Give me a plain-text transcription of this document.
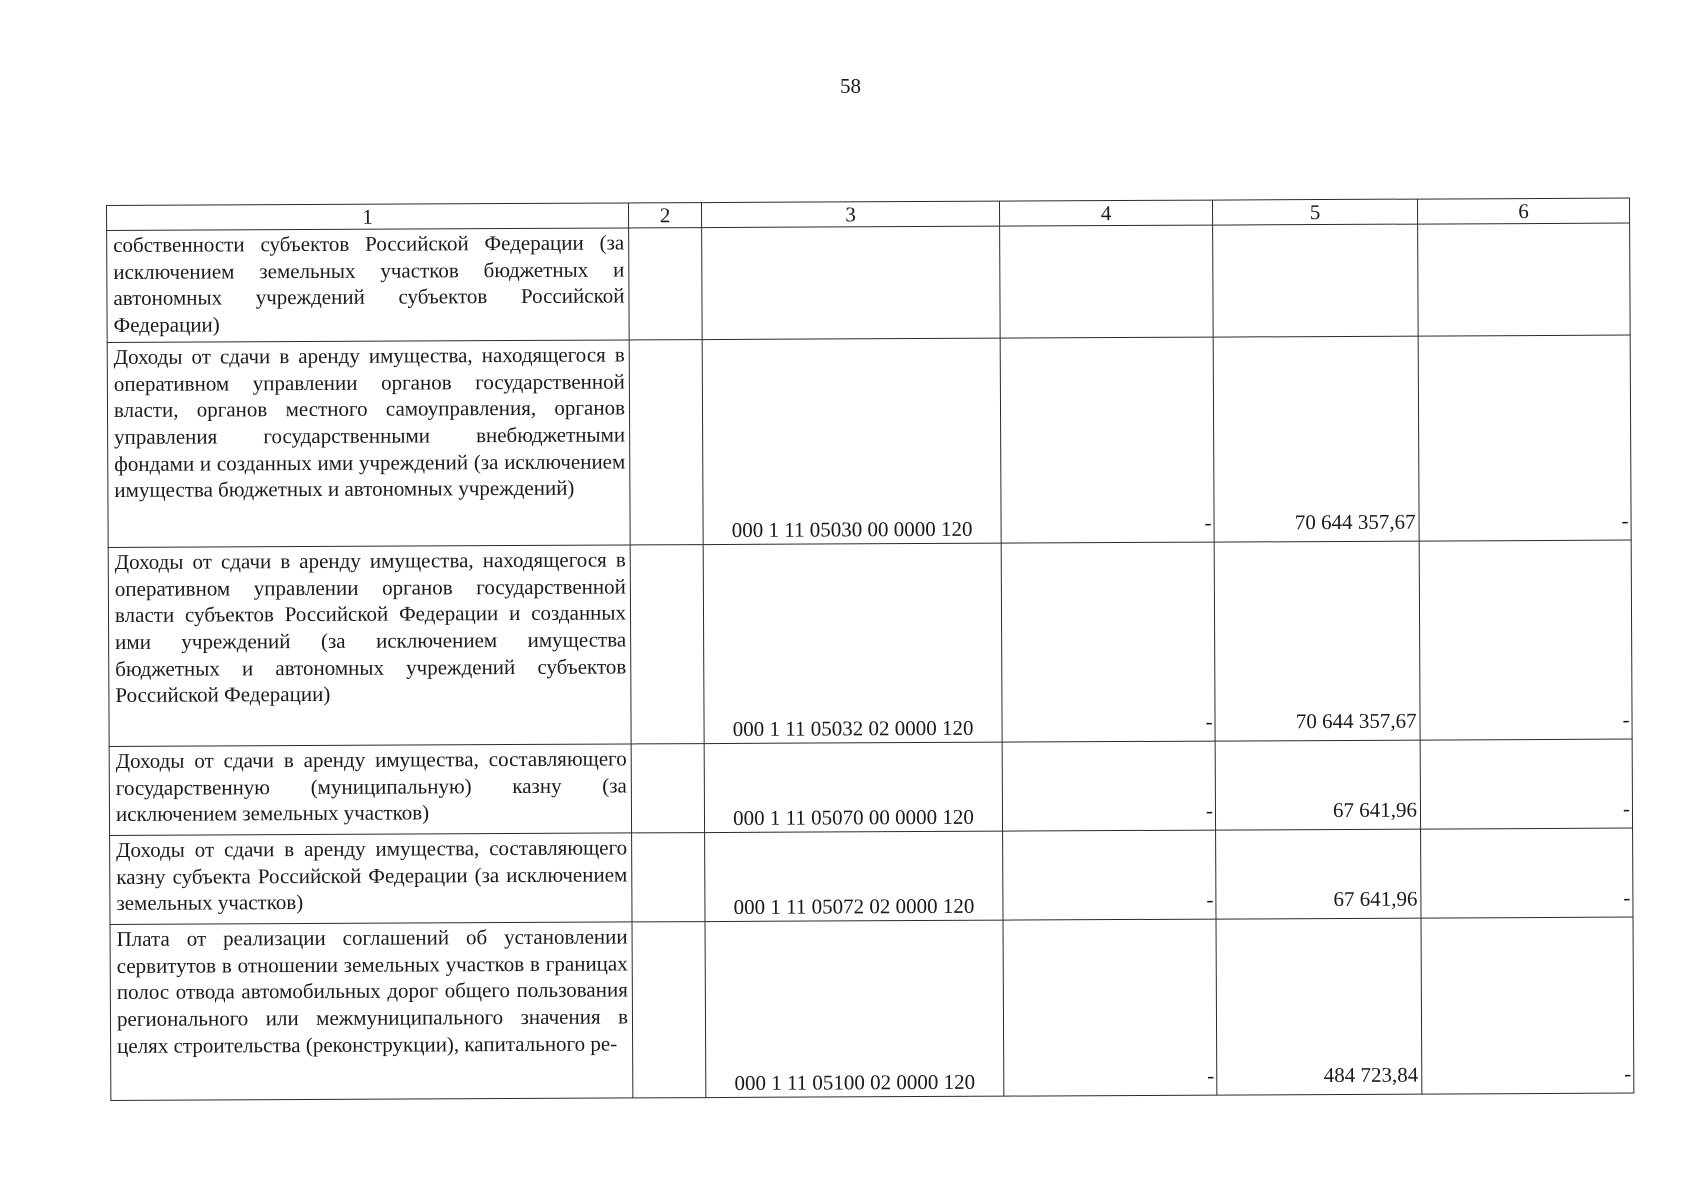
58
1	2	3	4	5	6
собственности субъектов Российской Федерации (за исключением земельных участков бюджетных и автономных учреждений субъектов Российской Федерации)					
Доходы от сдачи в аренду имущества, находящегося в оперативном управлении органов государственной власти, органов местного самоуправления, органов управления государственными внебюджетными фондами и созданных ими учреждений (за исключением имущества бюджетных и автономных учреждений)		000 1 11 05030 00 0000 120	-	70 644 357,67	-
Доходы от сдачи в аренду имущества, находящегося в оперативном управлении органов государственной власти субъектов Российской Федерации и созданных ими учреждений (за исключением имущества бюджетных и автономных учреждений субъектов Российской Федерации)		000 1 11 05032 02 0000 120	-	70 644 357,67	-
Доходы от сдачи в аренду имущества, составляющего государственную (муниципальную) казну (за исключением земельных участков)		000 1 11 05070 00 0000 120	-	67 641,96	-
Доходы от сдачи в аренду имущества, составляющего казну субъекта Российской Федерации (за исключением земельных участков)		000 1 11 05072 02 0000 120	-	67 641,96	-
Плата от реализации соглашений об установлении сервитутов в отношении земельных участков в границах полос отвода автомобильных дорог общего пользования регионального или межмуниципального значения в целях строительства (реконструкции), капитального ре-		000 1 11 05100 02 0000 120	-	484 723,84	-
